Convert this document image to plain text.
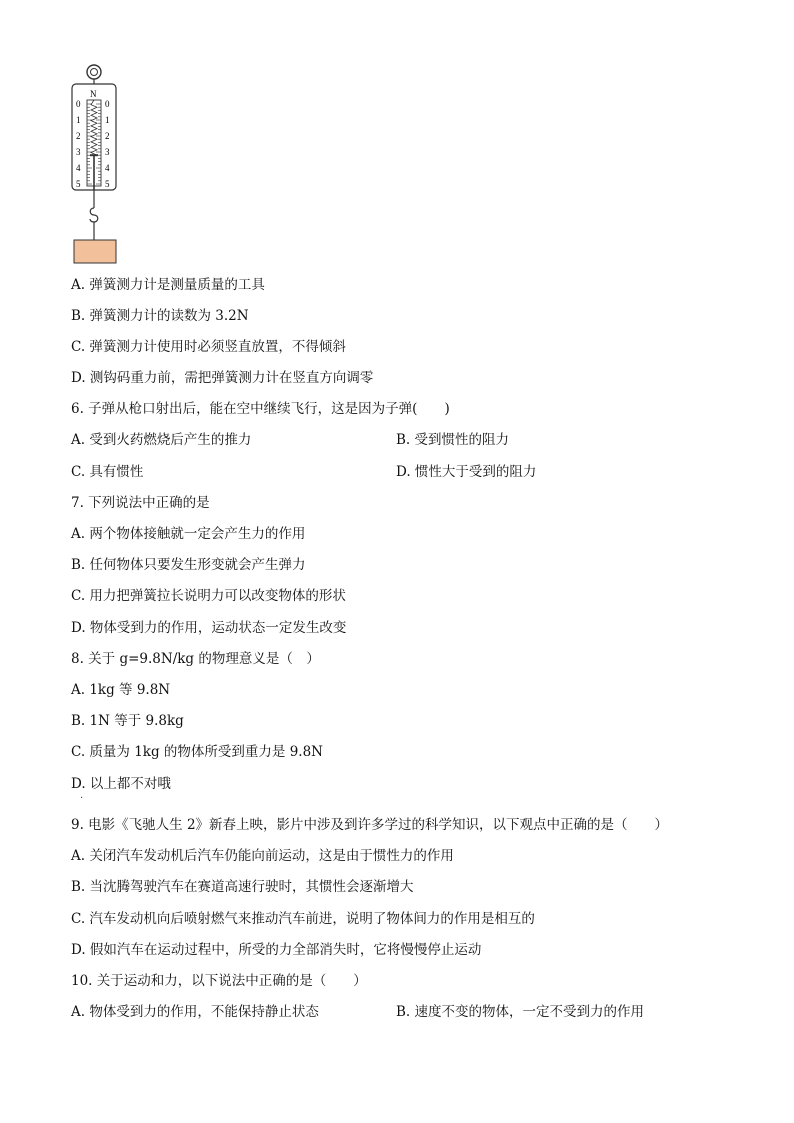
N
0
1
2
3
4
5
0
1
2
3
4
5
A. 弹簧测力计是测量质量的工具
B. 弹簧测力计的读数为 3.2N
C. 弹簧测力计使用时必须竖直放置，不得倾斜
D. 测钩码重力前，需把弹簧测力计在竖直方向调零
6. 子弹从枪口射出后，能在空中继续飞行，这是因为子弹(　　)
A. 受到火药燃烧后产生的推力	B. 受到惯性的阻力
C. 具有惯性	D. 惯性大于受到的阻力
7. 下列说法中正确的是
A. 两个物体接触就一定会产生力的作用
B. 任何物体只要发生形变就会产生弹力
C. 用力把弹簧拉长说明力可以改变物体的形状
D. 物体受到力的作用，运动状态一定发生改变
8. 关于 g=9.8N/kg 的物理意义是（　）
A. 1kg 等 9.8N
B. 1N 等于 9.8kg
C. 质量为 1kg 的物体所受到重力是 9.8N
D. 以上都不对哦
·
9. 电影《飞驰人生 2》新春上映，影片中涉及到许多学过的科学知识，以下观点中正确的是（　　）
A. 关闭汽车发动机后汽车仍能向前运动，这是由于惯性力的作用
B. 当沈腾驾驶汽车在赛道高速行驶时，其惯性会逐渐增大
C. 汽车发动机向后喷射燃气来推动汽车前进，说明了物体间力的作用是相互的
D. 假如汽车在运动过程中，所受的力全部消失时，它将慢慢停止运动
10. 关于运动和力，以下说法中正确的是（　　）
A. 物体受到力的作用，不能保持静止状态	B. 速度不变的物体，一定不受到力的作用
